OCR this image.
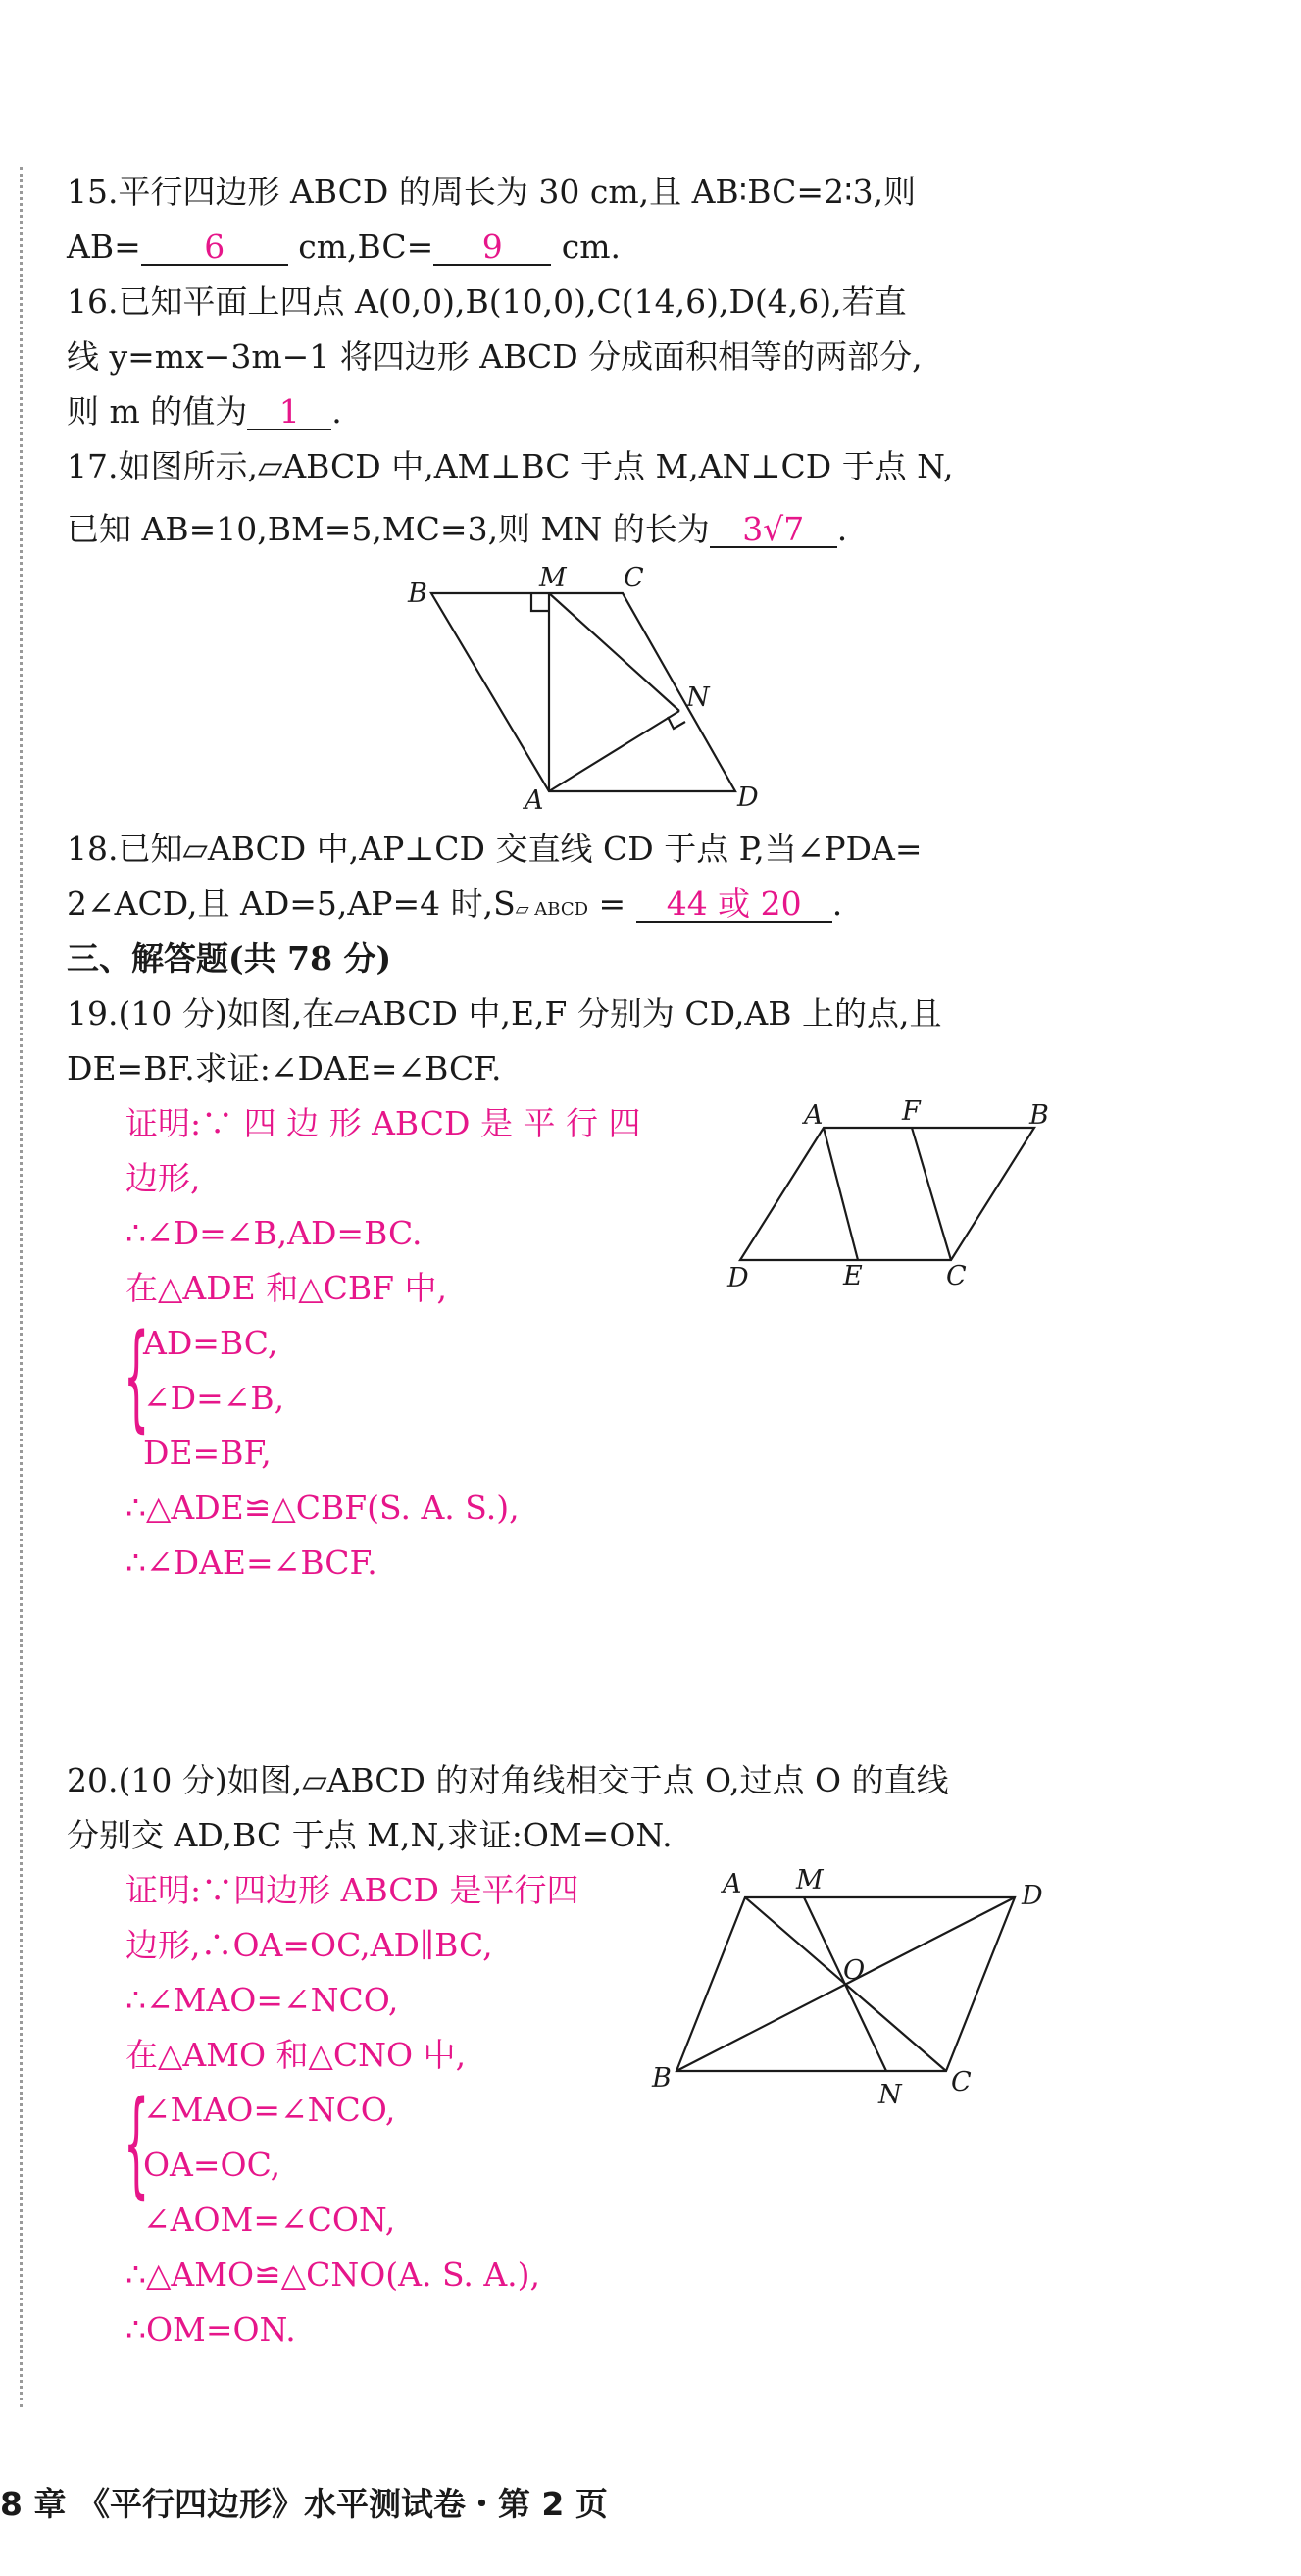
15.平行四边形 ABCD 的周长为 30 cm,且 AB∶BC=2∶3,则
AB= 6 cm,BC= 9 cm.
16.已知平面上四点 A(0,0),B(10,0),C(14,6),D(4,6),若直
线 y=mx−3m−1 将四边形 ABCD 分成面积相等的两部分,
则 m 的值为 1 .
17.如图所示,▱ABCD 中,AM⊥BC 于点 M,AN⊥CD 于点 N,
已知 AB=10,BM=5,MC=3,则 MN 的长为 3√7 .
B
M C
N
A	D
18.已知▱ABCD 中,AP⊥CD 交直线 CD 于点 P,当∠PDA=
2∠ACD,且 AD=5,AP=4 时,S▱ ABCD = 44 或 20 .
三、解答题(共 78 分)
19.(10 分)如图,在▱ABCD 中,E,F 分别为 CD,AB 上的点,且
DE=BF.求证:∠DAE=∠BCF.
证明:∵ 四 边 形 ABCD 是 平 行 四
边形,
∴∠D=∠B,AD=BC.
在△ADE 和△CBF 中,
{
AD=BC,
∠D=∠B,
DE=BF,
∴△ADE≌△CBF(S. A. S.),
∴∠DAE=∠BCF.
A	F	B
D	E	C
20.(10 分)如图,▱ABCD 的对角线相交于点 O,过点 O 的直线
分别交 AD,BC 于点 M,N,求证:OM=ON.
证明:∵四边形 ABCD 是平行四
边形,∴OA=OC,AD∥BC,
∴∠MAO=∠NCO,
在△AMO 和△CNO 中,
{
∠MAO=∠NCO,
OA=OC,
∠AOM=∠CON,
∴△AMO≌△CNO(A. S. A.),
∴OM=ON.
A M
D
O
B
N C
8 章 《平行四边形》水平测试卷・第 2 页
